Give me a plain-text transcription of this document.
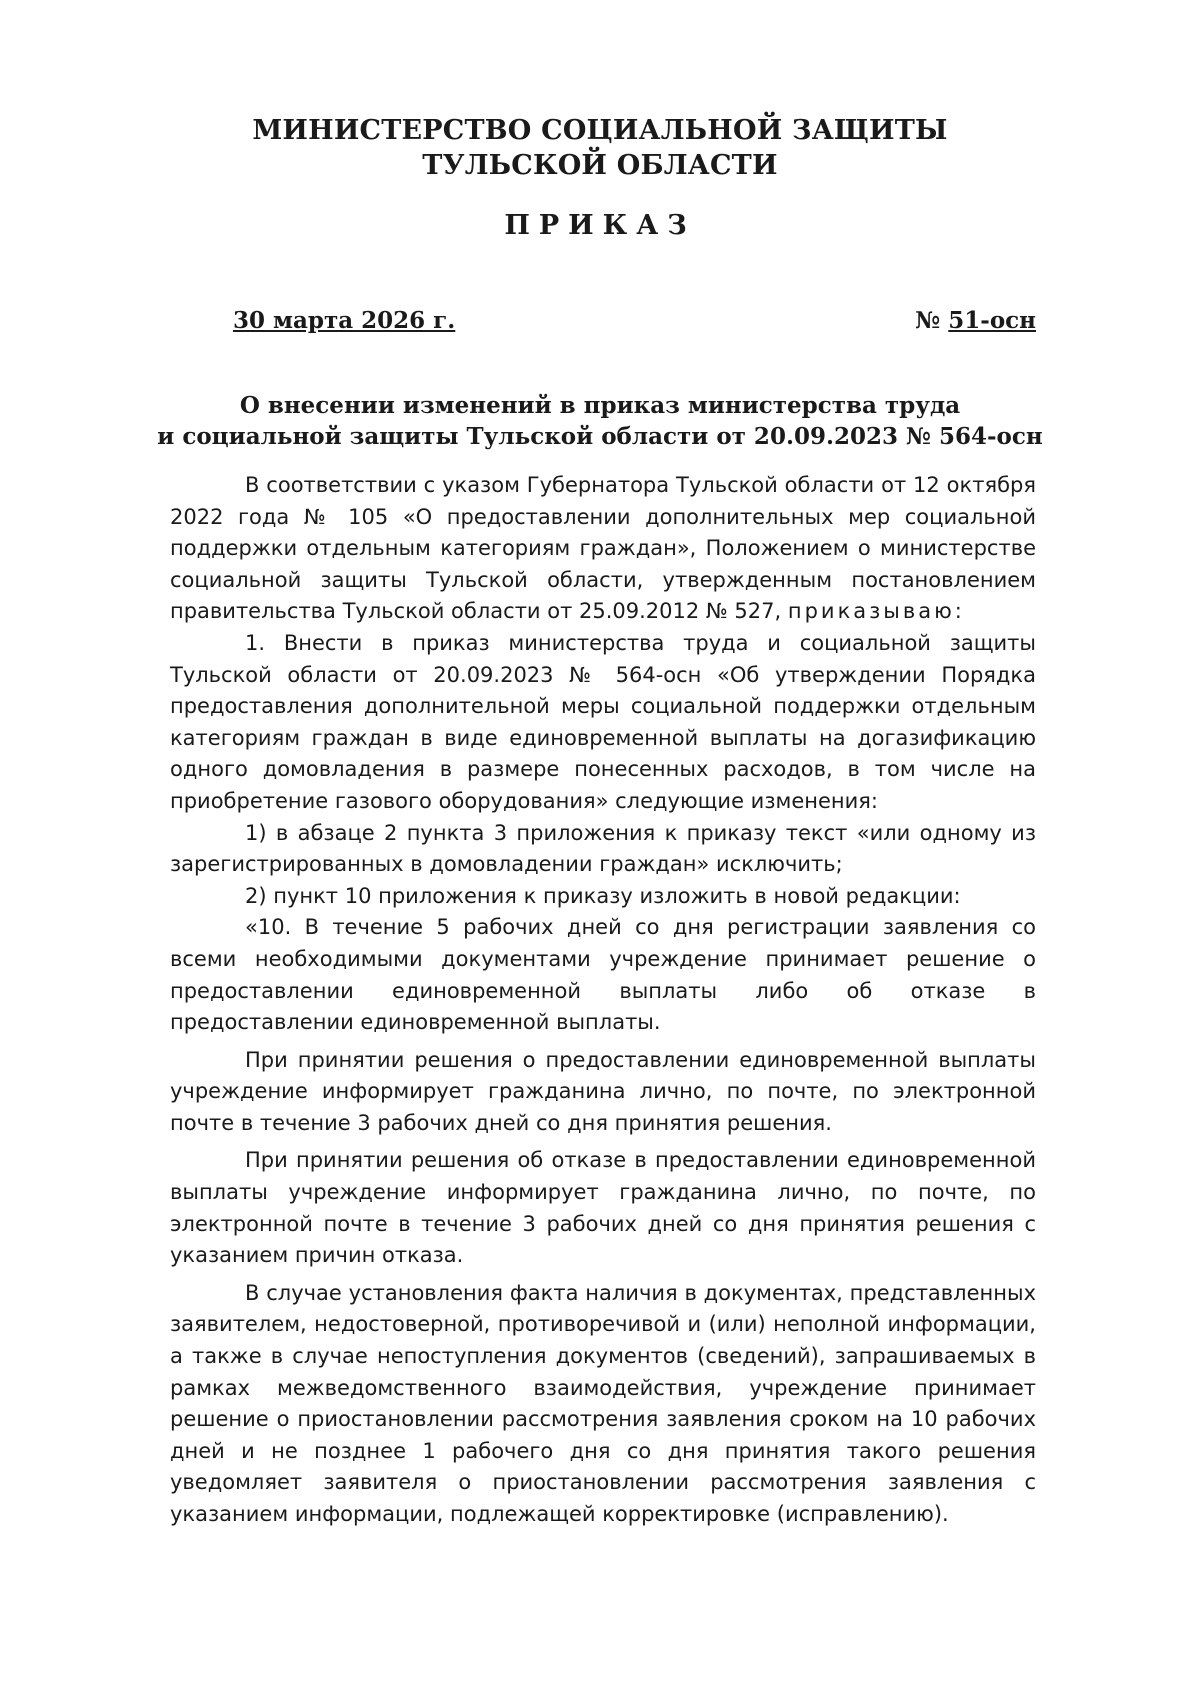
МИНИСТЕРСТВО СОЦИАЛЬНОЙ ЗАЩИТЫ
ТУЛЬСКОЙ ОБЛАСТИ
ПРИКАЗ
30 марта 2026 г.	№ 51-осн
О внесении изменений в приказ министерства труда
и социальной защиты Тульской области от 20.09.2023 № 564-осн

В соответствии с указом Губернатора Тульской области от 12 октября 2022 года № 105 «О предоставлении дополнительных мер социальной поддержки отдельным категориям граждан», Положением о министерстве социальной защиты Тульской области, утвержденным постановлением правительства Тульской области от 25.09.2012 № 527, приказываю:

1. Внести в приказ министерства труда и социальной защиты Тульской области от 20.09.2023 № 564-осн «Об утверждении Порядка предоставления дополнительной меры социальной поддержки отдельным категориям граждан в виде единовременной выплаты на догазификацию одного домовладения в размере понесенных расходов, в том числе на приобретение газового оборудования» следующие изменения:

1) в абзаце 2 пункта 3 приложения к приказу текст «или одному из зарегистрированных в домовладении граждан» исключить;

2) пункт 10 приложения к приказу изложить в новой редакции:

«10. В течение 5 рабочих дней со дня регистрации заявления со всеми необходимыми документами учреждение принимает решение о предоставлении единовременной выплаты либо об отказе в предоставлении единовременной выплаты.

При принятии решения о предоставлении единовременной выплаты учреждение информирует гражданина лично, по почте, по электронной почте в течение 3 рабочих дней со дня принятия решения.

При принятии решения об отказе в предоставлении единовременной выплаты учреждение информирует гражданина лично, по почте, по электронной почте в течение 3 рабочих дней со дня принятия решения с указанием причин отказа.

В случае установления факта наличия в документах, представленных заявителем, недостоверной, противоречивой и (или) неполной информации, а также в случае непоступления документов (сведений), запрашиваемых в рамках межведомственного взаимодействия, учреждение принимает решение о приостановлении рассмотрения заявления сроком на 10 рабочих дней и не позднее 1 рабочего дня со дня принятия такого решения уведомляет заявителя о приостановлении рассмотрения заявления с указанием информации, подлежащей корректировке (исправлению).
